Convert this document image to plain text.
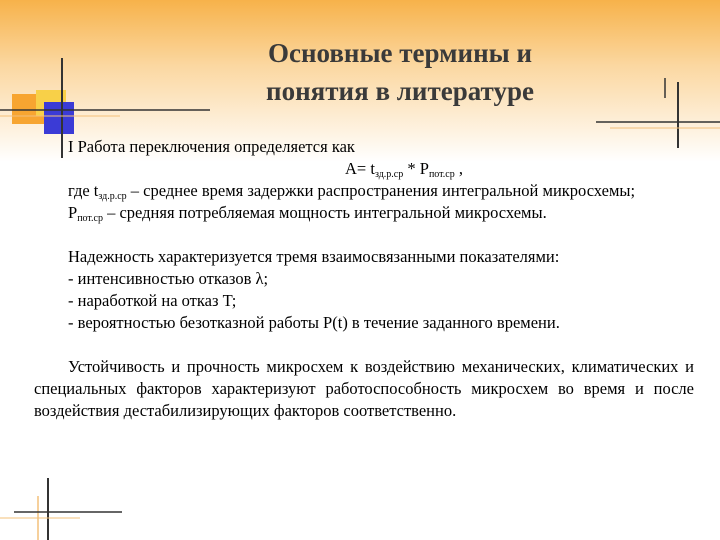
Основные термины и
понятия в литературе

I Работа переключения определяется как

$A= t_{зд.р.ср} * P_{пот.ср}$ ,

где $t_{зд.р.ср}$ – среднее время задержки распространения интегральной микросхемы;

$P_{пот.ср}$ – средняя потребляемая мощность интегральной микросхемы.

Надежность характеризуется тремя взаимосвязанными показателями:

- интенсивностью отказов λ;

- наработкой на отказ T;

- вероятностью безотказной работы P(t) в течение заданного времени.

Устойчивость и прочность микросхем к воздействию механических, климатических и специальных факторов характеризуют работоспособность микросхем во время и после воздействия дестабилизирующих факторов соответственно.
